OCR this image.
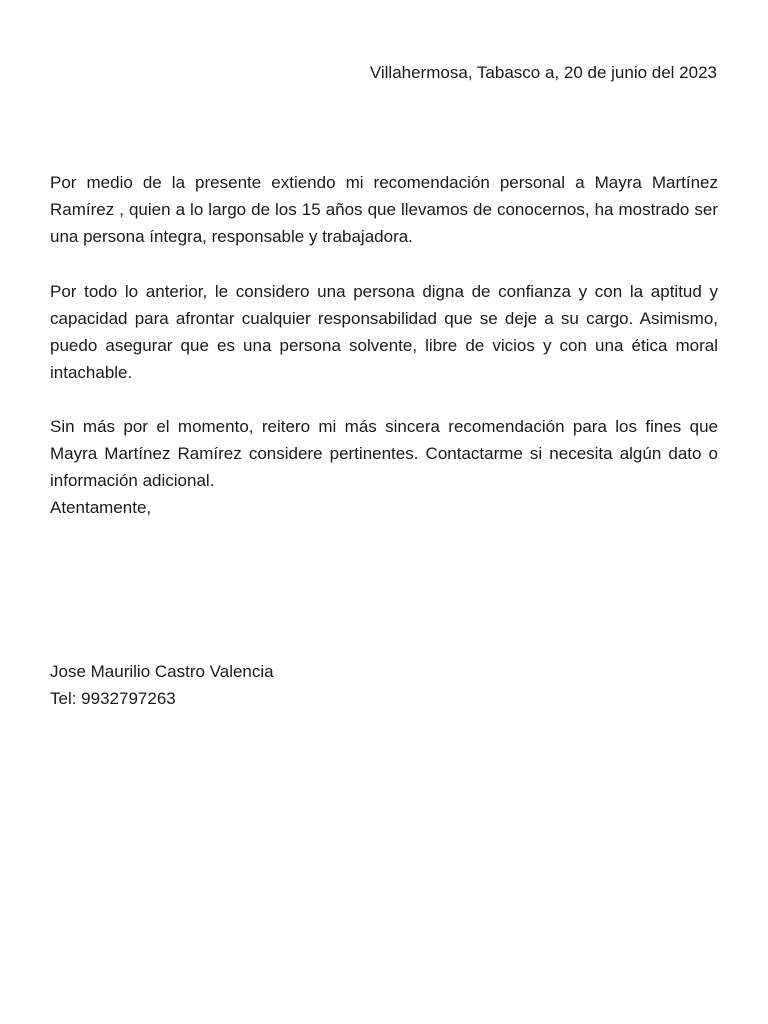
Villahermosa, Tabasco a, 20 de junio del 2023

Por medio de la presente extiendo mi recomendación personal a Mayra Martínez Ramírez , quien a lo largo de los 15 años que llevamos de conocernos, ha mostrado ser una persona íntegra, responsable y trabajadora.

Por todo lo anterior, le considero una persona digna de confianza y con la aptitud y capacidad para afrontar cualquier responsabilidad que se deje a su cargo. Asimismo, puedo asegurar que es una persona solvente, libre de vicios y con una ética moral intachable.

Sin más por el momento, reitero mi más sincera recomendación para los fines que Mayra Martínez Ramírez considere pertinentes. Contactarme si necesita algún dato o información adicional.

Atentamente,

Jose Maurilio Castro Valencia
Tel: 9932797263
